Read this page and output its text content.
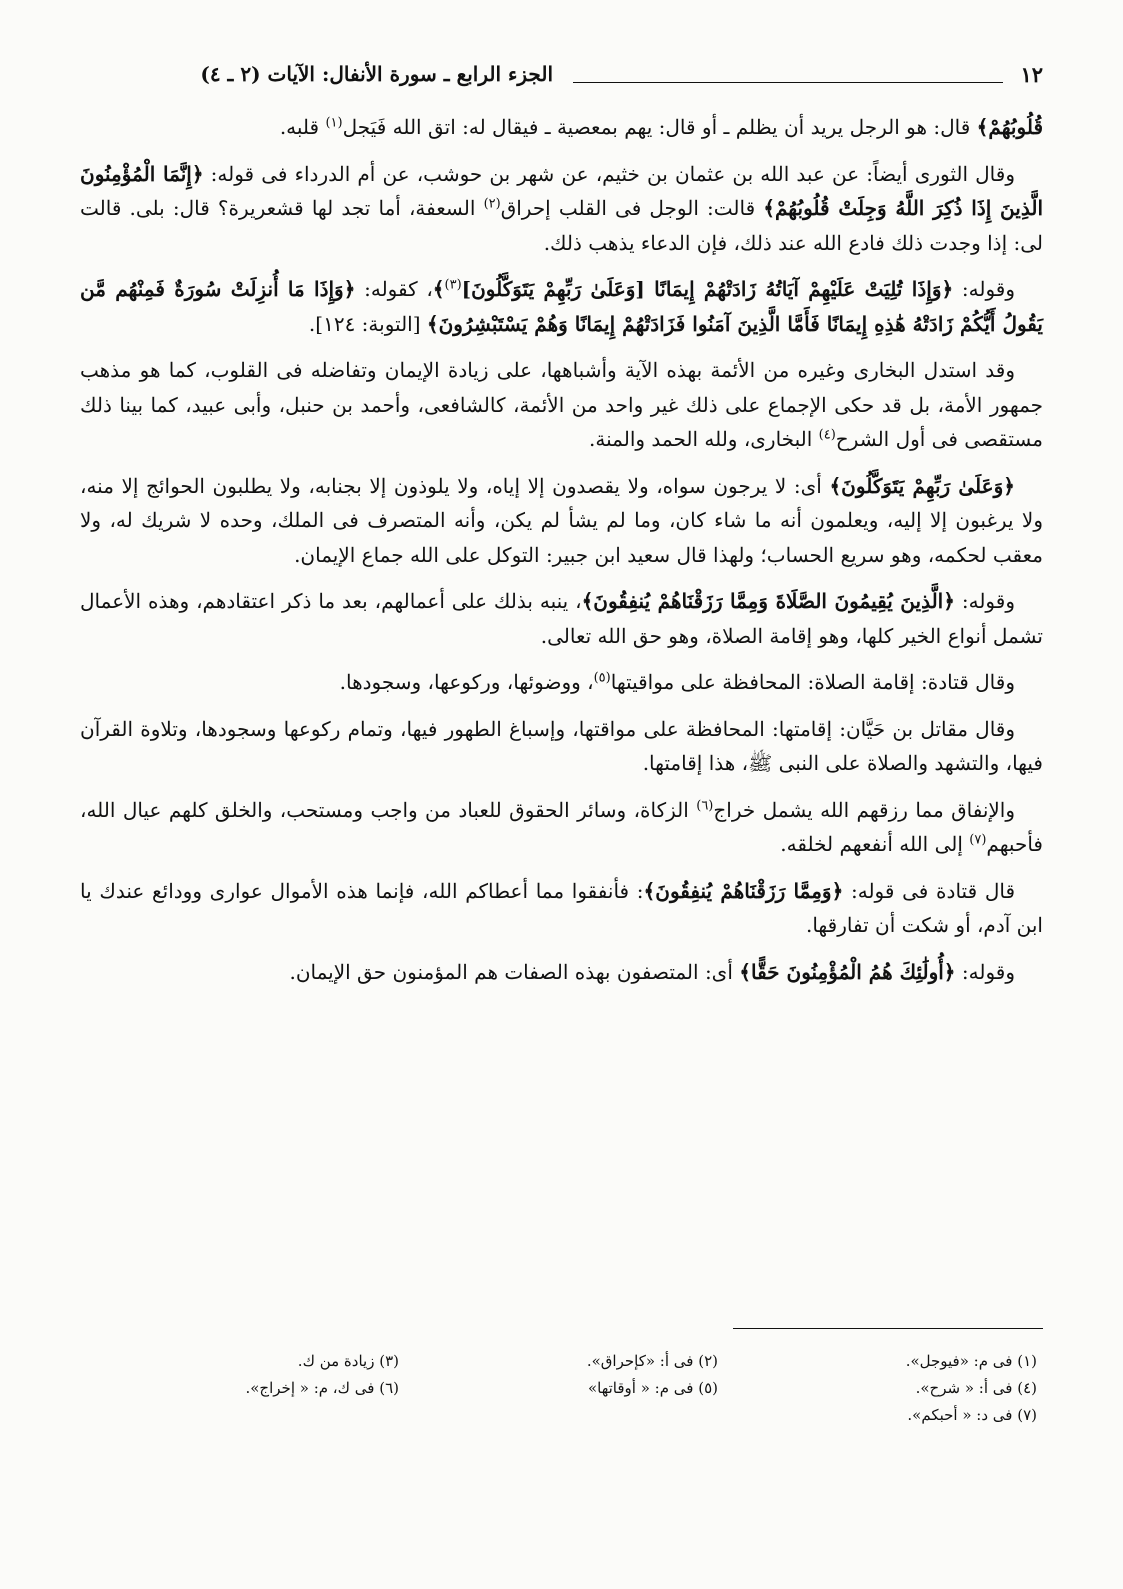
١٢
الجزء الرابع ـ سورة الأنفال: الآيات (٢ ـ ٤)

قُلُوبُهُمْ﴾ قال: هو الرجل يريد أن يظلم ـ أو قال: يهم بمعصية ـ فيقال له: اتق الله فَيَجل$^{(١)}$ قلبه.

وقال الثورى أيضاً: عن عبد الله بن عثمان بن خثيم، عن شهر بن حوشب، عن أم الدرداء فى قوله: ﴿إِنَّمَا الْمُؤْمِنُونَ الَّذِينَ إِذَا ذُكِرَ اللَّهُ وَجِلَتْ قُلُوبُهُمْ﴾ قالت: الوجل فى القلب إحراق$^{(٢)}$ السعفة، أما تجد لها قشعريرة؟ قال: بلى. قالت لى: إذا وجدت ذلك فادع الله عند ذلك، فإن الدعاء يذهب ذلك.

وقوله: ﴿وَإِذَا تُلِيَتْ عَلَيْهِمْ آيَاتُهُ زَادَتْهُمْ إِيمَانًا [وَعَلَىٰ رَبِّهِمْ يَتَوَكَّلُونَ]$^{(٣)}$﴾، كقوله: ﴿وَإِذَا مَا أُنزِلَتْ سُورَةٌ فَمِنْهُم مَّن يَقُولُ أَيُّكُمْ زَادَتْهُ هَٰذِهِ إِيمَانًا فَأَمَّا الَّذِينَ آمَنُوا فَزَادَتْهُمْ إِيمَانًا وَهُمْ يَسْتَبْشِرُونَ﴾ [التوبة: ١٢٤].

وقد استدل البخارى وغيره من الأئمة بهذه الآية وأشباهها، على زيادة الإيمان وتفاضله فى القلوب، كما هو مذهب جمهور الأمة، بل قد حكى الإجماع على ذلك غير واحد من الأئمة، كالشافعى، وأحمد بن حنبل، وأبى عبيد، كما بينا ذلك مستقصى فى أول الشرح$^{(٤)}$ البخارى، ولله الحمد والمنة.

﴿وَعَلَىٰ رَبِّهِمْ يَتَوَكَّلُونَ﴾ أى: لا يرجون سواه، ولا يقصدون إلا إياه، ولا يلوذون إلا بجنابه، ولا يطلبون الحوائج إلا منه، ولا يرغبون إلا إليه، ويعلمون أنه ما شاء كان، وما لم يشأ لم يكن، وأنه المتصرف فى الملك، وحده لا شريك له، ولا معقب لحكمه، وهو سريع الحساب؛ ولهذا قال سعيد ابن جبير: التوكل على الله جماع الإيمان.

وقوله: ﴿الَّذِينَ يُقِيمُونَ الصَّلَاةَ وَمِمَّا رَزَقْنَاهُمْ يُنفِقُونَ﴾، ينبه بذلك على أعمالهم، بعد ما ذكر اعتقادهم، وهذه الأعمال تشمل أنواع الخير كلها، وهو إقامة الصلاة، وهو حق الله تعالى.

وقال قتادة: إقامة الصلاة: المحافظة على مواقيتها$^{(٥)}$، ووضوئها، وركوعها، وسجودها.

وقال مقاتل بن حَيَّان: إقامتها: المحافظة على مواقتها، وإسباغ الطهور فيها، وتمام ركوعها وسجودها، وتلاوة القرآن فيها، والتشهد والصلاة على النبى ﷺ، هذا إقامتها.

والإنفاق مما رزقهم الله يشمل خراج$^{(٦)}$ الزكاة، وسائر الحقوق للعباد من واجب ومستحب، والخلق كلهم عيال الله، فأحبهم$^{(٧)}$ إلى الله أنفعهم لخلقه.

قال قتادة فى قوله: ﴿وَمِمَّا رَزَقْنَاهُمْ يُنفِقُونَ﴾: فأنفقوا مما أعطاكم الله، فإنما هذه الأموال عوارى وودائع عندك يا ابن آدم، أو شكت أن تفارقها.

وقوله: ﴿أُولَٰئِكَ هُمُ الْمُؤْمِنُونَ حَقًّا﴾ أى: المتصفون بهذه الصفات هم المؤمنون حق الإيمان.

(١) فى م: «فيوجل».
(٢) فى أ: «كإحراق».
(٣) زيادة من ك.
(٤) فى أ: « شرح».
(٥) فى م: « أوقاتها»
(٦) فى ك، م: « إخراج».
(٧) فى د: « أحبكم».
